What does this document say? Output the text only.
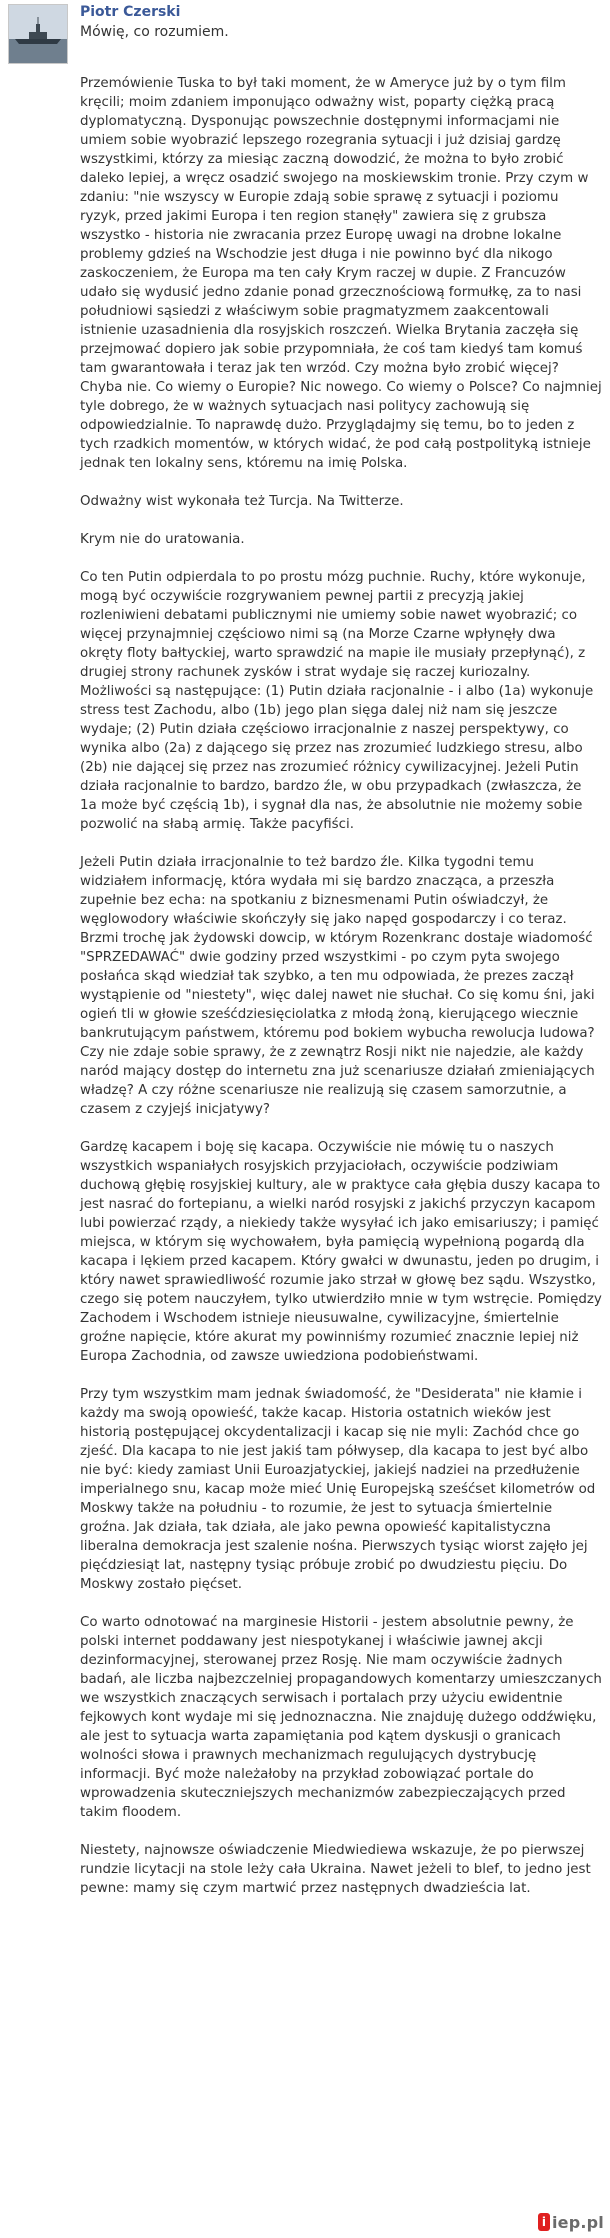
Piotr Czerski
Mówię, co rozumiem.

Przemówienie Tuska to był taki moment, że w Ameryce już by o tym film kręcili; moim zdaniem imponująco odważny wist, poparty ciężką pracą dyplomatyczną. Dysponując powszechnie dostępnymi informacjami nie umiem sobie wyobrazić lepszego rozegrania sytuacji i już dzisiaj gardzę wszystkimi, którzy za miesiąc zaczną dowodzić, że można to było zrobić daleko lepiej, a wręcz osadzić swojego na moskiewskim tronie. Przy czym w zdaniu: "nie wszyscy w Europie zdają sobie sprawę z sytuacji i poziomu ryzyk, przed jakimi Europa i ten region stanęły" zawiera się z grubsza wszystko - historia nie zwracania przez Europę uwagi na drobne lokalne problemy gdzieś na Wschodzie jest długa i nie powinno być dla nikogo zaskoczeniem, że Europa ma ten cały Krym raczej w dupie. Z Francuzów udało się wydusić jedno zdanie ponad grzecznościową formułkę, za to nasi południowi sąsiedzi z właściwym sobie pragmatyzmem zaakcentowali istnienie uzasadnienia dla rosyjskich roszczeń. Wielka Brytania zaczęła się przejmować dopiero jak sobie przypomniała, że coś tam kiedyś tam komuś tam gwarantowała i teraz jak ten wrzód. Czy można było zrobić więcej? Chyba nie. Co wiemy o Europie? Nic nowego. Co wiemy o Polsce? Co najmniej tyle dobrego, że w ważnych sytuacjach nasi politycy zachowują się odpowiedzialnie. To naprawdę dużo. Przyglądajmy się temu, bo to jeden z tych rzadkich momentów, w których widać, że pod całą postpolityką istnieje jednak ten lokalny sens, któremu na imię Polska.

Odważny wist wykonała też Turcja. Na Twitterze.

Krym nie do uratowania.

Co ten Putin odpierdala to po prostu mózg puchnie. Ruchy, które wykonuje, mogą być oczywiście rozgrywaniem pewnej partii z precyzją jakiej rozleniwieni debatami publicznymi nie umiemy sobie nawet wyobrazić; co więcej przynajmniej częściowo nimi są (na Morze Czarne wpłynęły dwa okręty floty bałtyckiej, warto sprawdzić na mapie ile musiały przepłynąć), z drugiej strony rachunek zysków i strat wydaje się raczej kuriozalny. Możliwości są następujące: (1) Putin działa racjonalnie - i albo (1a) wykonuje stress test Zachodu, albo (1b) jego plan sięga dalej niż nam się jeszcze wydaje; (2) Putin działa częściowo irracjonalnie z naszej perspektywy, co wynika albo (2a) z dającego się przez nas zrozumieć ludzkiego stresu, albo (2b) nie dającej się przez nas zrozumieć różnicy cywilizacyjnej. Jeżeli Putin działa racjonalnie to bardzo, bardzo źle, w obu przypadkach (zwłaszcza, że 1a może być częścią 1b), i sygnał dla nas, że absolutnie nie możemy sobie pozwolić na słabą armię. Także pacyfiści.

Jeżeli Putin działa irracjonalnie to też bardzo źle. Kilka tygodni temu widziałem informację, która wydała mi się bardzo znacząca, a przeszła zupełnie bez echa: na spotkaniu z biznesmenami Putin oświadczył, że węglowodory właściwie skończyły się jako napęd gospodarczy i co teraz. Brzmi trochę jak żydowski dowcip, w którym Rozenkranc dostaje wiadomość "SPRZEDAWAĆ" dwie godziny przed wszystkimi - po czym pyta swojego posłańca skąd wiedział tak szybko, a ten mu odpowiada, że prezes zaczął wystąpienie od "niestety", więc dalej nawet nie słuchał. Co się komu śni, jaki ogień tli w głowie sześćdziesięciolatka z młodą żoną, kierującego wiecznie bankrutującym państwem, któremu pod bokiem wybucha rewolucja ludowa? Czy nie zdaje sobie sprawy, że z zewnątrz Rosji nikt nie najedzie, ale każdy naród mający dostęp do internetu zna już scenariusze działań zmieniających władzę? A czy różne scenariusze nie realizują się czasem samorzutnie, a czasem z czyjejś inicjatywy?

Gardzę kacapem i boję się kacapa. Oczywiście nie mówię tu o naszych wszystkich wspaniałych rosyjskich przyjaciołach, oczywiście podziwiam duchową głębię rosyjskiej kultury, ale w praktyce cała głębia duszy kacapa to jest nasrać do fortepianu, a wielki naród rosyjski z jakichś przyczyn kacapom lubi powierzać rządy, a niekiedy także wysyłać ich jako emisariuszy; i pamięć miejsca, w którym się wychowałem, była pamięcią wypełnioną pogardą dla kacapa i lękiem przed kacapem. Który gwałci w dwunastu, jeden po drugim, i który nawet sprawiedliwość rozumie jako strzał w głowę bez sądu. Wszystko, czego się potem nauczyłem, tylko utwierdziło mnie w tym wstręcie. Pomiędzy Zachodem i Wschodem istnieje nieusuwalne, cywilizacyjne, śmiertelnie groźne napięcie, które akurat my powinniśmy rozumieć znacznie lepiej niż Europa Zachodnia, od zawsze uwiedziona podobieństwami.

Przy tym wszystkim mam jednak świadomość, że "Desiderata" nie kłamie i każdy ma swoją opowieść, także kacap. Historia ostatnich wieków jest historią postępującej okcydentalizacji i kacap się nie myli: Zachód chce go zjeść. Dla kacapa to nie jest jakiś tam półwysep, dla kacapa to jest być albo nie być: kiedy zamiast Unii Euroazjatyckiej, jakiejś nadziei na przedłużenie imperialnego snu, kacap może mieć Unię Europejską sześćset kilometrów od Moskwy także na południu - to rozumie, że jest to sytuacja śmiertelnie groźna. Jak działa, tak działa, ale jako pewna opowieść kapitalistyczna liberalna demokracja jest szalenie nośna. Pierwszych tysiąc wiorst zajęło jej pięćdziesiąt lat, następny tysiąc próbuje zrobić po dwudziestu pięciu. Do Moskwy zostało pięćset.

Co warto odnotować na marginesie Historii - jestem absolutnie pewny, że polski internet poddawany jest niespotykanej i właściwie jawnej akcji dezinformacyjnej, sterowanej przez Rosję. Nie mam oczywiście żadnych badań, ale liczba najbezczelniej propagandowych komentarzy umieszczanych we wszystkich znaczących serwisach i portalach przy użyciu ewidentnie fejkowych kont wydaje mi się jednoznaczna. Nie znajduję dużego oddźwięku, ale jest to sytuacja warta zapamiętania pod kątem dyskusji o granicach wolności słowa i prawnych mechanizmach regulujących dystrybucję informacji. Być może należałoby na przykład zobowiązać portale do wprowadzenia skuteczniejszych mechanizmów zabezpieczających przed takim floodem.

Niestety, najnowsze oświadczenie Miedwiediewa wskazuje, że po pierwszej rundzie licytacji na stole leży cała Ukraina. Nawet jeżeli to blef, to jedno jest pewne: mamy się czym martwić przez następnych dwadzieścia lat.

i iep.pl
